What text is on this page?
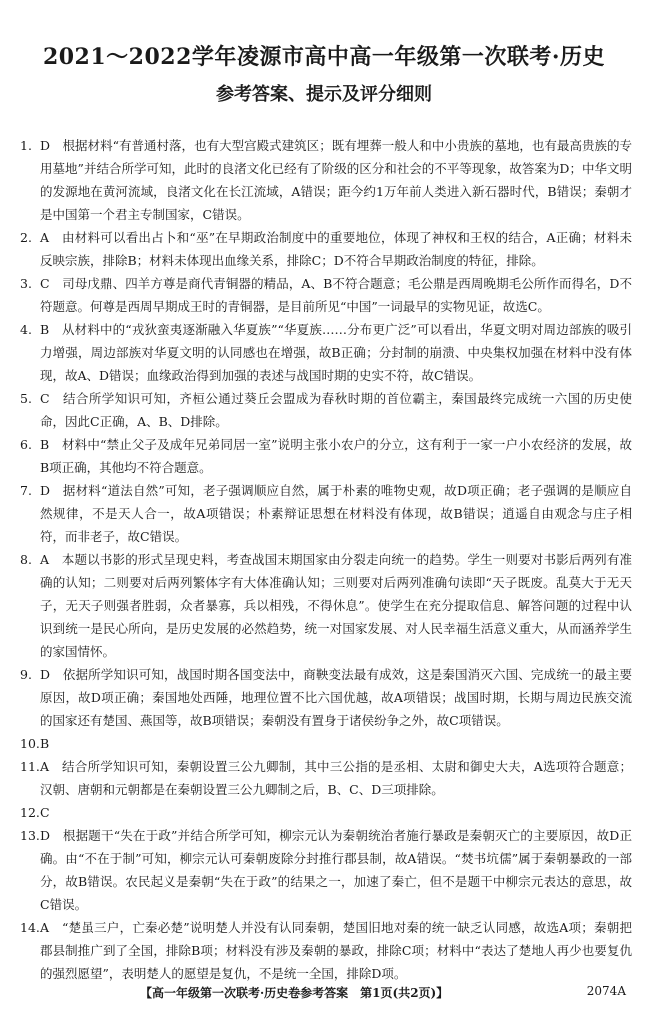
2021～2022学年凌源市高中高一年级第一次联考·历史
参考答案、提示及评分细则

1. D　根据材料“有普通村落，也有大型宫殿式建筑区；既有埋葬一般人和中小贵族的墓地，也有最高贵族的专用墓地”并结合所学可知，此时的良渚文化已经有了阶级的区分和社会的不平等现象，故答案为D；中华文明的发源地在黄河流域，良渚文化在长江流域，A错误；距今约1万年前人类进入新石器时代，B错误；秦朝才是中国第一个君主专制国家，C错误。

2. A　由材料可以看出占卜和“巫”在早期政治制度中的重要地位，体现了神权和王权的结合，A正确；材料未反映宗族，排除B；材料未体现出血缘关系，排除C；D不符合早期政治制度的特征，排除。

3. C　司母戊鼎、四羊方尊是商代青铜器的精品，A、B不符合题意；毛公鼎是西周晚期毛公所作而得名，D不符题意。何尊是西周早期成王时的青铜器，是目前所见“中国”一词最早的实物见证，故选C。

4. B　从材料中的“戎狄蛮夷逐渐融入华夏族”“华夏族……分布更广泛”可以看出，华夏文明对周边部族的吸引力增强，周边部族对华夏文明的认同感也在增强，故B正确；分封制的崩溃、中央集权加强在材料中没有体现，故A、D错误；血缘政治得到加强的表述与战国时期的史实不符，故C错误。

5. C　结合所学知识可知，齐桓公通过葵丘会盟成为春秋时期的首位霸主，秦国最终完成统一六国的历史使命，因此C正确，A、B、D排除。

6. B　材料中“禁止父子及成年兄弟同居一室”说明主张小农户的分立，这有利于一家一户小农经济的发展，故B项正确，其他均不符合题意。

7. D　据材料“道法自然”可知，老子强调顺应自然，属于朴素的唯物史观，故D项正确；老子强调的是顺应自然规律，不是天人合一，故A项错误；朴素辩证思想在材料没有体现，故B错误；逍遥自由观念与庄子相符，而非老子，故C错误。

8. A　本题以书影的形式呈现史料，考查战国末期国家由分裂走向统一的趋势。学生一则要对书影后两列有准确的认知；二则要对后两列繁体字有大体准确认知；三则要对后两列准确句读即“天子既废。乱莫大于无天子，无天子则强者胜弱，众者暴寡，兵以相残，不得休息”。使学生在充分提取信息、解答问题的过程中认识到统一是民心所向，是历史发展的必然趋势，统一对国家发展、对人民幸福生活意义重大，从而涵养学生的家国情怀。

9. D　依据所学知识可知，战国时期各国变法中，商鞅变法最有成效，这是秦国消灭六国、完成统一的最主要原因，故D项正确；秦国地处西陲，地理位置不比六国优越，故A项错误；战国时期，长期与周边民族交流的国家还有楚国、燕国等，故B项错误；秦朝没有置身于诸侯纷争之外，故C项错误。

10. B

11. A　结合所学知识可知，秦朝设置三公九卿制，其中三公指的是丞相、太尉和御史大夫，A选项符合题意；汉朝、唐朝和元朝都是在秦朝设置三公九卿制之后，B、C、D三项排除。

12. C

13. D　根据题干“失在于政”并结合所学可知，柳宗元认为秦朝统治者施行暴政是秦朝灭亡的主要原因，故D正确。由“不在于制”可知，柳宗元认可秦朝废除分封推行郡县制，故A错误。“焚书坑儒”属于秦朝暴政的一部分，故B错误。农民起义是秦朝“失在于政”的结果之一，加速了秦亡，但不是题干中柳宗元表达的意思，故C错误。

14. A　“楚虽三户，亡秦必楚”说明楚人并没有认同秦朝，楚国旧地对秦的统一缺乏认同感，故选A项；秦朝把郡县制推广到了全国，排除B项；材料没有涉及秦朝的暴政，排除C项；材料中“表达了楚地人再少也要复仇的强烈愿望”，表明楚人的愿望是复仇，不是统一全国，排除D项。

【高一年级第一次联考·历史卷参考答案　第1页(共2页)】	2074A
